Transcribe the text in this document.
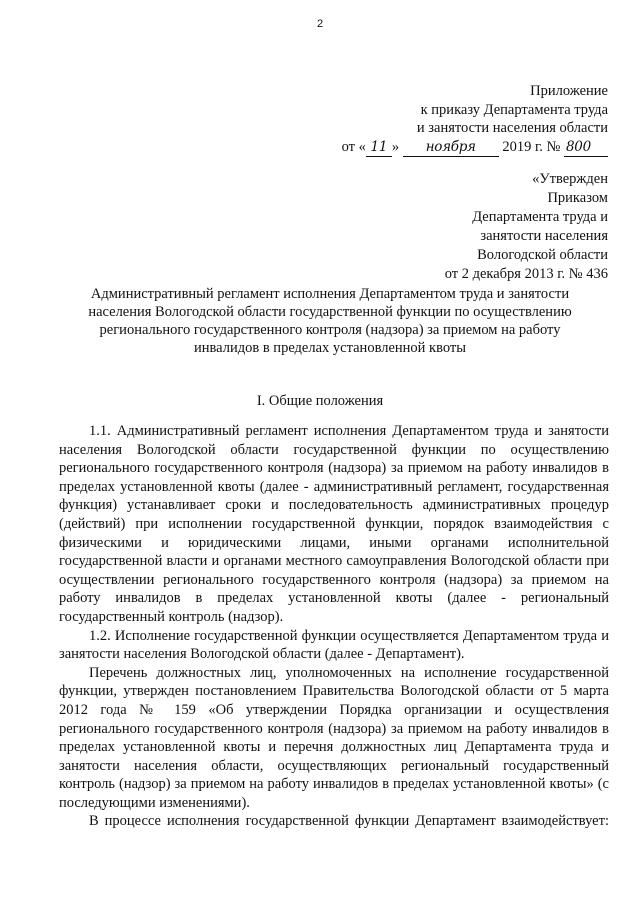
2
Приложение
к приказу Департамента труда
и занятости населения области
от « 11 » ноября 2019 г. № 800
«Утвержден
Приказом
Департамента труда и
занятости населения
Вологодской области
от 2 декабря 2013 г. № 436
Административный регламент исполнения Департаментом труда и занятости населения Вологодской области государственной функции по осуществлению регионального государственного контроля (надзора) за приемом на работу инвалидов в пределах установленной квоты
I. Общие положения

1.1. Административный регламент исполнения Департаментом труда и занятости населения Вологодской области государственной функции по осуществлению регионального государственного контроля (надзора) за приемом на работу инвалидов в пределах установленной квоты (далее - административный регламент, государственная функция) устанавливает сроки и последовательность административных процедур (действий) при исполнении государственной функции, порядок взаимодействия с физическими и юридическими лицами, иными органами исполнительной государственной власти и органами местного самоуправления Вологодской области при осуществлении регионального государственного контроля (надзора) за приемом на работу инвалидов в пределах установленной квоты (далее - региональный государственный контроль (надзор).

1.2. Исполнение государственной функции осуществляется Департаментом труда и занятости населения Вологодской области (далее - Департамент).

Перечень должностных лиц, уполномоченных на исполнение государственной функции, утвержден постановлением Правительства Вологодской области от 5 марта 2012 года № 159 «Об утверждении Порядка организации и осуществления регионального государственного контроля (надзора) за приемом на работу инвалидов в пределах установленной квоты и перечня должностных лиц Департамента труда и занятости населения области, осуществляющих региональный государственный контроль (надзор) за приемом на работу инвалидов в пределах установленной квоты» (с последующими изменениями).

В процессе исполнения государственной функции Департамент взаимодействует:
